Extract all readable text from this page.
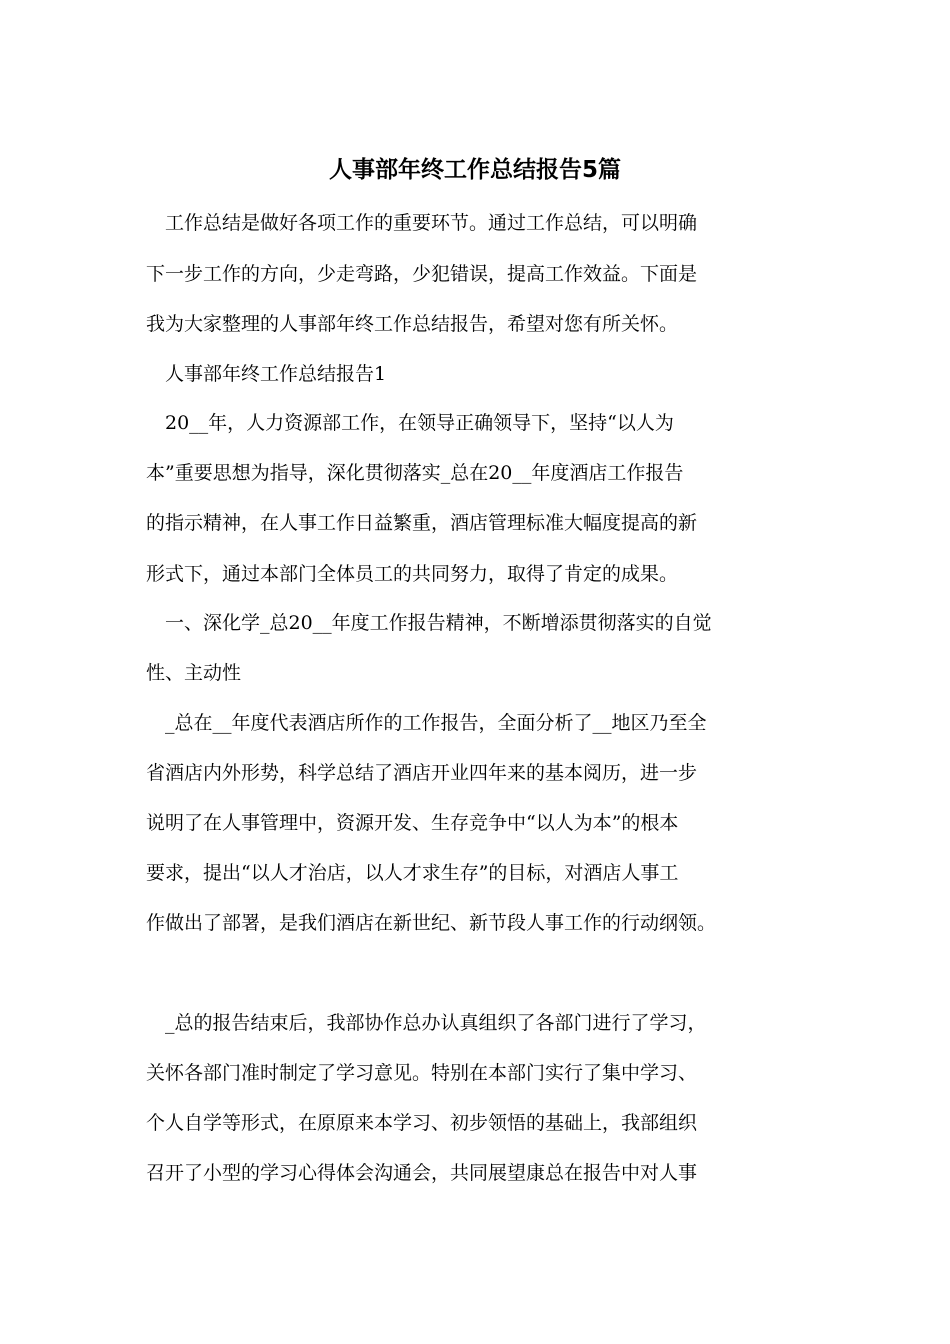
人事部年终工作总结报告5篇

　工作总结是做好各项工作的重要环节。通过工作总结，可以明确

下一步工作的方向，少走弯路，少犯错误，提高工作效益。下面是

我为大家整理的人事部年终工作总结报告，希望对您有所关怀。

　人事部年终工作总结报告1

　20__年，人力资源部工作，在领导正确领导下，坚持“以人为

本”重要思想为指导，深化贯彻落实_总在20__年度酒店工作报告

的指示精神，在人事工作日益繁重，酒店管理标准大幅度提高的新

形式下，通过本部门全体员工的共同努力，取得了肯定的成果。

　一、深化学_总20__年度工作报告精神，不断增添贯彻落实的自觉

性、主动性

　_总在__年度代表酒店所作的工作报告，全面分析了__地区乃至全

省酒店内外形势，科学总结了酒店开业四年来的基本阅历，进一步

说明了在人事管理中，资源开发、生存竞争中“以人为本”的根本

要求，提出“以人才治店，以人才求生存”的目标，对酒店人事工

作做出了部署，是我们酒店在新世纪、新节段人事工作的行动纲领。

　_总的报告结束后，我部协作总办认真组织了各部门进行了学习，

关怀各部门准时制定了学习意见。特别在本部门实行了集中学习、

个人自学等形式，在原原来本学习、初步领悟的基础上，我部组织

召开了小型的学习心得体会沟通会，共同展望康总在报告中对人事
